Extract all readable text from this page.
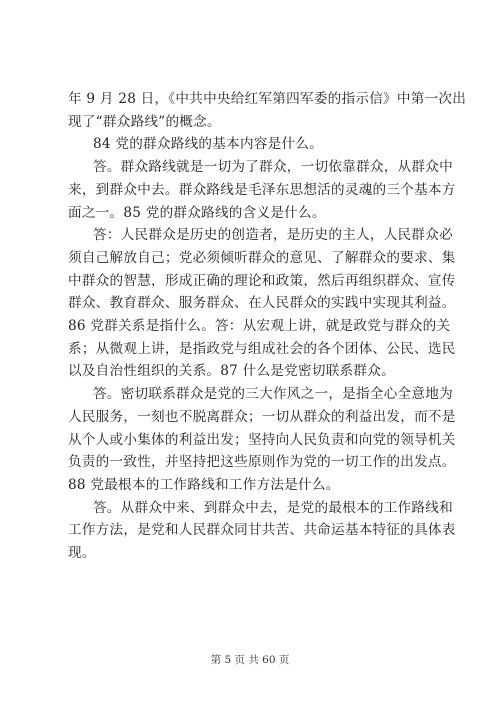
年 9 月 28 日，《中共中央给红军第四军委的指示信》中第一次出
现了“群众路线”的概念。
84 党的群众路线的基本内容是什么。
答。群众路线就是一切为了群众，一切依靠群众，从群众中
来，到群众中去。群众路线是毛泽东思想活的灵魂的三个基本方
面之一。85 党的群众路线的含义是什么。
答：人民群众是历史的创造者，是历史的主人，人民群众必
须自己解放自己；党必须倾听群众的意见、了解群众的要求、集
中群众的智慧，形成正确的理论和政策，然后再组织群众、宣传
群众、教育群众、服务群众、在人民群众的实践中实现其利益。
86 党群关系是指什么。答：从宏观上讲，就是政党与群众的关
系；从微观上讲，是指政党与组成社会的各个团体、公民、选民
以及自治性组织的关系。87 什么是党密切联系群众。
答。密切联系群众是党的三大作风之一，是指全心全意地为
人民服务，一刻也不脱离群众；一切从群众的利益出发，而不是
从个人或小集体的利益出发；坚持向人民负责和向党的领导机关
负责的一致性，并坚持把这些原则作为党的一切工作的出发点。
88 党最根本的工作路线和工作方法是什么。
答。从群众中来、到群众中去，是党的最根本的工作路线和
工作方法，是党和人民群众同甘共苦、共命运基本特征的具体表
现。
第 5 页 共 60 页
